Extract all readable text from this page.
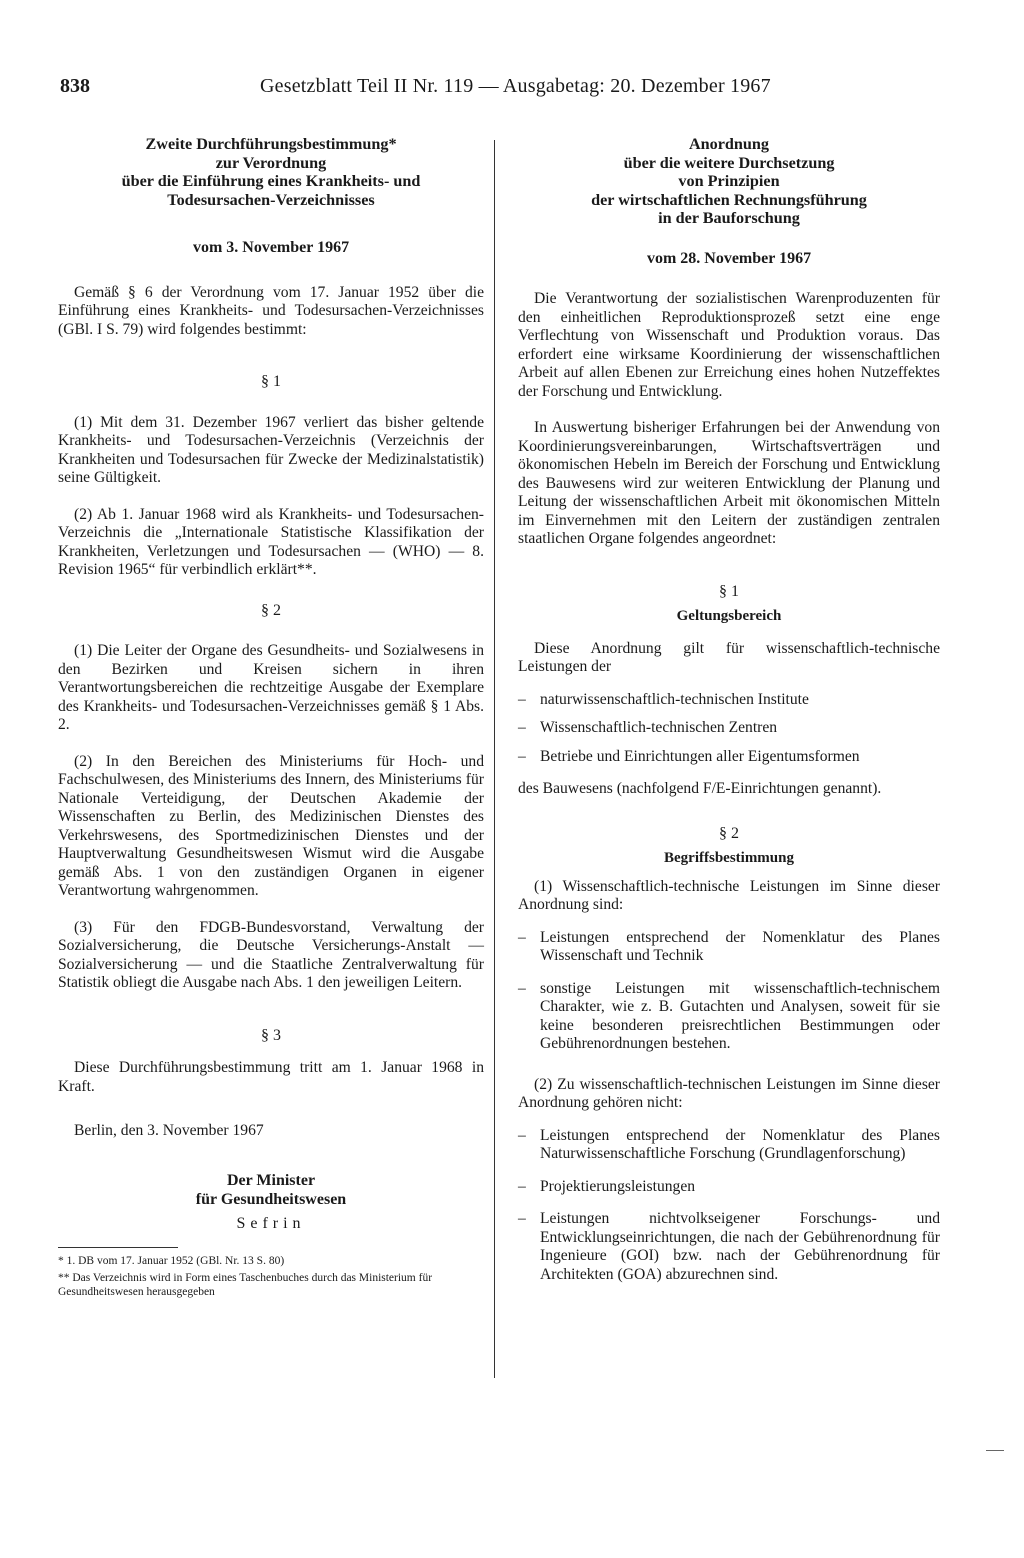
838	Gesetzblatt Teil II Nr. 119 — Ausgabetag: 20. Dezember 1967
Zweite Durchführungsbestimmung*
zur Verordnung
über die Einführung eines Krankheits- und
Todesursachen-Verzeichnisses
vom 3. November 1967

Gemäß § 6 der Verordnung vom 17. Januar 1952 über die Einführung eines Krankheits- und Todesursachen-Verzeichnisses (GBl. I S. 79) wird folgendes bestimmt:

§ 1

(1) Mit dem 31. Dezember 1967 verliert das bisher geltende Krankheits- und Todesursachen-Verzeichnis (Verzeichnis der Krankheiten und Todesursachen für Zwecke der Medizinalstatistik) seine Gültigkeit.

(2) Ab 1. Januar 1968 wird als Krankheits- und Todesursachen-Verzeichnis die „Internationale Statistische Klassifikation der Krankheiten, Verletzungen und Todesursachen — (WHO) — 8. Revision 1965“ für verbindlich erklärt**.

§ 2

(1) Die Leiter der Organe des Gesundheits- und Sozialwesens in den Bezirken und Kreisen sichern in ihren Verantwortungsbereichen die rechtzeitige Ausgabe der Exemplare des Krankheits- und Todesursachen-Verzeichnisses gemäß § 1 Abs. 2.

(2) In den Bereichen des Ministeriums für Hoch- und Fachschulwesen, des Ministeriums des Innern, des Ministeriums für Nationale Verteidigung, der Deutschen Akademie der Wissenschaften zu Berlin, des Medizinischen Dienstes des Verkehrswesens, des Sportmedizinischen Dienstes und der Hauptverwaltung Gesundheitswesen Wismut wird die Ausgabe gemäß Abs. 1 von den zuständigen Organen in eigener Verantwortung wahrgenommen.

(3) Für den FDGB-Bundesvorstand, Verwaltung der Sozialversicherung, die Deutsche Versicherungs-Anstalt — Sozialversicherung — und die Staatliche Zentralverwaltung für Statistik obliegt die Ausgabe nach Abs. 1 den jeweiligen Leitern.

§ 3

Diese Durchführungsbestimmung tritt am 1. Januar 1968 in Kraft.

Berlin, den 3. November 1967

Der Minister
für Gesundheitswesen
Sefrin

* 1. DB vom 17. Januar 1952 (GBl. Nr. 13 S. 80)

** Das Verzeichnis wird in Form eines Taschenbuches durch das Ministerium für Gesundheitswesen herausgegeben

Anordnung
über die weitere Durchsetzung
von Prinzipien
der wirtschaftlichen Rechnungsführung
in der Bauforschung
vom 28. November 1967

Die Verantwortung der sozialistischen Warenproduzenten für den einheitlichen Reproduktionsprozeß setzt eine enge Verflechtung von Wissenschaft und Produktion voraus. Das erfordert eine wirksame Koordinierung der wissenschaftlichen Arbeit auf allen Ebenen zur Erreichung eines hohen Nutzeffektes der Forschung und Entwicklung.

In Auswertung bisheriger Erfahrungen bei der Anwendung von Koordinierungsvereinbarungen, Wirtschaftsverträgen und ökonomischen Hebeln im Bereich der Forschung und Entwicklung des Bauwesens wird zur weiteren Entwicklung der Planung und Leitung der wissenschaftlichen Arbeit mit ökonomischen Mitteln im Einvernehmen mit den Leitern der zuständigen zentralen staatlichen Organe folgendes angeordnet:

§ 1
Geltungsbereich

Diese Anordnung gilt für wissenschaftlich-technische Leistungen der

– naturwissenschaftlich-technischen Institute

– Wissenschaftlich-technischen Zentren

– Betriebe und Einrichtungen aller Eigentumsformen

des Bauwesens (nachfolgend F/E-Einrichtungen genannt).

§ 2
Begriffsbestimmung

(1) Wissenschaftlich-technische Leistungen im Sinne dieser Anordnung sind:

– Leistungen entsprechend der Nomenklatur des Planes Wissenschaft und Technik

– sonstige Leistungen mit wissenschaftlich-technischem Charakter, wie z. B. Gutachten und Analysen, soweit für sie keine besonderen preisrechtlichen Bestimmungen oder Gebührenordnungen bestehen.

(2) Zu wissenschaftlich-technischen Leistungen im Sinne dieser Anordnung gehören nicht:

– Leistungen entsprechend der Nomenklatur des Planes Naturwissenschaftliche Forschung (Grundlagenforschung)

– Projektierungsleistungen

– Leistungen nichtvolkseigener Forschungs- und Entwicklungseinrichtungen, die nach der Gebührenordnung für Ingenieure (GOI) bzw. nach der Gebührenordnung für Architekten (GOA) abzurechnen sind.
